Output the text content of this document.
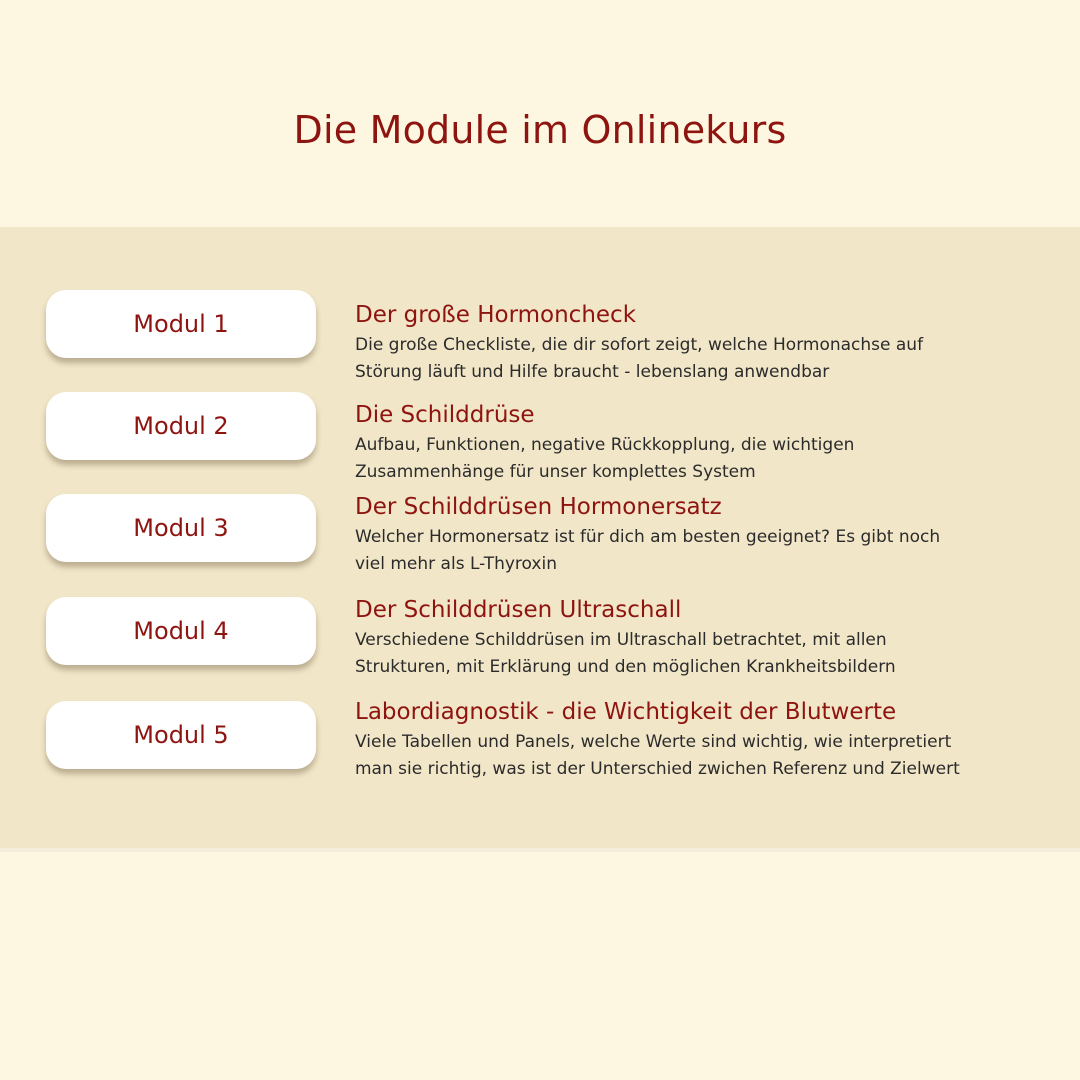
Die Module im Onlinekurs
Modul 1	Der große Hormoncheck

Die große Checkliste, die dir sofort zeigt, welche Hormonachse auf
Störung läuft und Hilfe braucht - lebenslang anwendbar

Modul 2	Die Schilddrüse

Aufbau, Funktionen, negative Rückkopplung, die wichtigen
Zusammenhänge für unser komplettes System

Modul 3
Der Schilddrüsen Hormonersatz

Welcher Hormonersatz ist für dich am besten geeignet? Es gibt noch
viel mehr als L-Thyroxin

Modul 4
Der Schilddrüsen Ultraschall

Verschiedene Schilddrüsen im Ultraschall betrachtet, mit allen
Strukturen, mit Erklärung und den möglichen Krankheitsbildern

Modul 5
Labordiagnostik - die Wichtigkeit der Blutwerte

Viele Tabellen und Panels, welche Werte sind wichtig, wie interpretiert
man sie richtig, was ist der Unterschied zwichen Referenz und Zielwert
